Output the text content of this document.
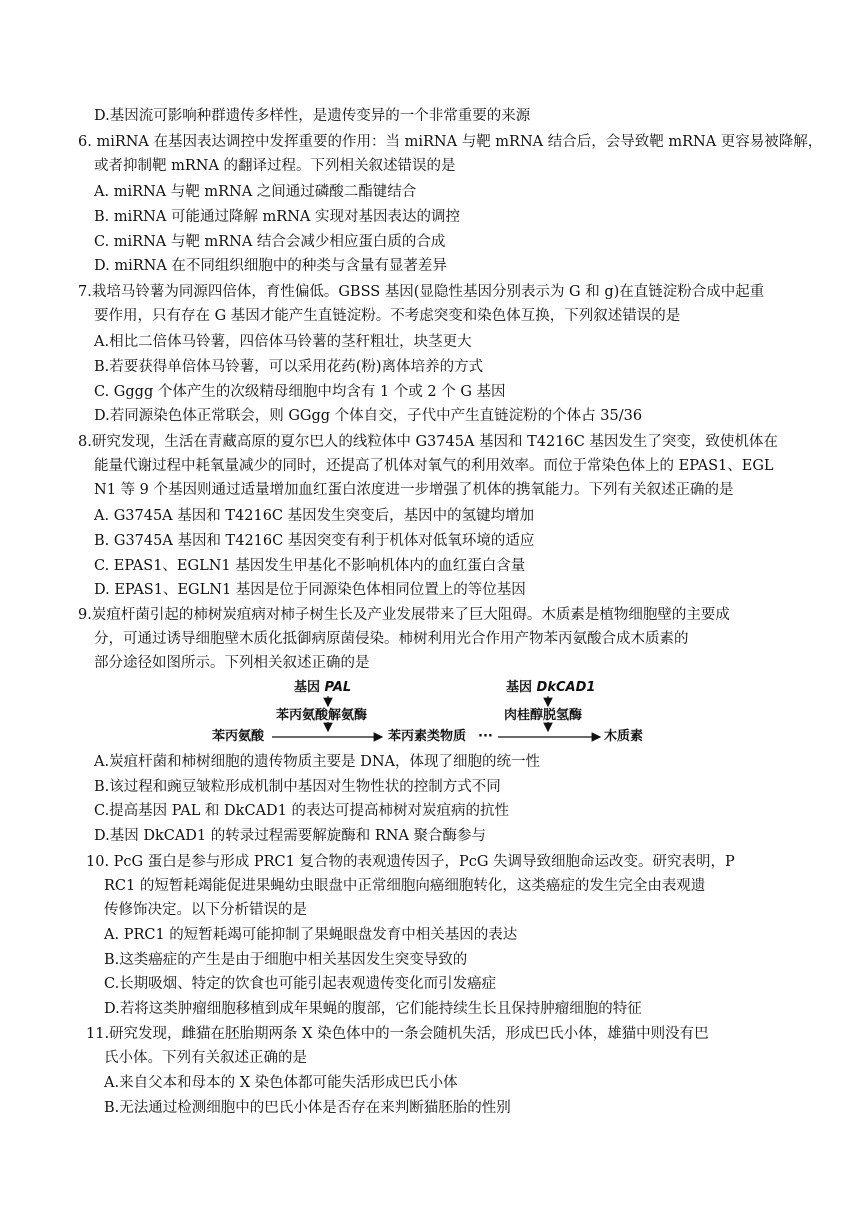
D.基因流可影响种群遗传多样性，是遗传变异的一个非常重要的来源
6. miRNA 在基因表达调控中发挥重要的作用：当 miRNA 与靶 mRNA 结合后，会导致靶 mRNA 更容易被降解，
或者抑制靶 mRNA 的翻译过程。下列相关叙述错误的是
A. miRNA 与靶 mRNA 之间通过磷酸二酯键结合
B. miRNA 可能通过降解 mRNA 实现对基因表达的调控
C. miRNA 与靶 mRNA 结合会减少相应蛋白质的合成
D. miRNA 在不同组织细胞中的种类与含量有显著差异
7.栽培马铃薯为同源四倍体，育性偏低。GBSS 基因(显隐性基因分别表示为 G 和 g)在直链淀粉合成中起重
要作用，只有存在 G 基因才能产生直链淀粉。不考虑突变和染色体互换，下列叙述错误的是
A.相比二倍体马铃薯，四倍体马铃薯的茎秆粗壮，块茎更大
B.若要获得单倍体马铃薯，可以采用花药(粉)离体培养的方式
C. Gggg 个体产生的次级精母细胞中均含有 1 个或 2 个 G 基因
D.若同源染色体正常联会，则 GGgg 个体自交，子代中产生直链淀粉的个体占 35/36
8.研究发现，生活在青藏高原的夏尔巴人的线粒体中 G3745A 基因和 T4216C 基因发生了突变，致使机体在
能量代谢过程中耗氧量减少的同时，还提高了机体对氧气的利用效率。而位于常染色体上的 EPAS1、EGL
N1 等 9 个基因则通过适量增加血红蛋白浓度进一步增强了机体的携氧能力。下列有关叙述正确的是
A. G3745A 基因和 T4216C 基因发生突变后，基因中的氢键均增加
B. G3745A 基因和 T4216C 基因突变有利于机体对低氧环境的适应
C. EPAS1、EGLN1 基因发生甲基化不影响机体内的血红蛋白含量
D. EPAS1、EGLN1 基因是位于同源染色体相同位置上的等位基因
9.炭疽杆菌引起的柿树炭疽病对柿子树生长及产业发展带来了巨大阻碍。木质素是植物细胞壁的主要成
分，可通过诱导细胞壁木质化抵御病原菌侵染。柿树利用光合作用产物苯丙氨酸合成木质素的
部分途径如图所示。下列相关叙述正确的是
基因 PAL
苯丙氨酸解氨酶
基因 DkCAD1
肉桂醇脱氢酶
苯丙氨酸	苯丙素类物质 ···	木质素
A.炭疽杆菌和柿树细胞的遗传物质主要是 DNA，体现了细胞的统一性
B.该过程和豌豆皱粒形成机制中基因对生物性状的控制方式不同
C.提高基因 PAL 和 DkCAD1 的表达可提高柿树对炭疽病的抗性
D.基因 DkCAD1 的转录过程需要解旋酶和 RNA 聚合酶参与
10. PcG 蛋白是参与形成 PRC1 复合物的表观遗传因子，PcG 失调导致细胞命运改变。研究表明，P
RC1 的短暂耗竭能促进果蝇幼虫眼盘中正常细胞向癌细胞转化，这类癌症的发生完全由表观遗
传修饰决定。以下分析错误的是
A. PRC1 的短暂耗竭可能抑制了果蝇眼盘发育中相关基因的表达
B.这类癌症的产生是由于细胞中相关基因发生突变导致的
C.长期吸烟、特定的饮食也可能引起表观遗传变化而引发癌症
D.若将这类肿瘤细胞移植到成年果蝇的腹部，它们能持续生长且保持肿瘤细胞的特征
11.研究发现，雌猫在胚胎期两条 X 染色体中的一条会随机失活，形成巴氏小体，雄猫中则没有巴
氏小体。下列有关叙述正确的是
A.来自父本和母本的 X 染色体都可能失活形成巴氏小体
B.无法通过检测细胞中的巴氏小体是否存在来判断猫胚胎的性别
